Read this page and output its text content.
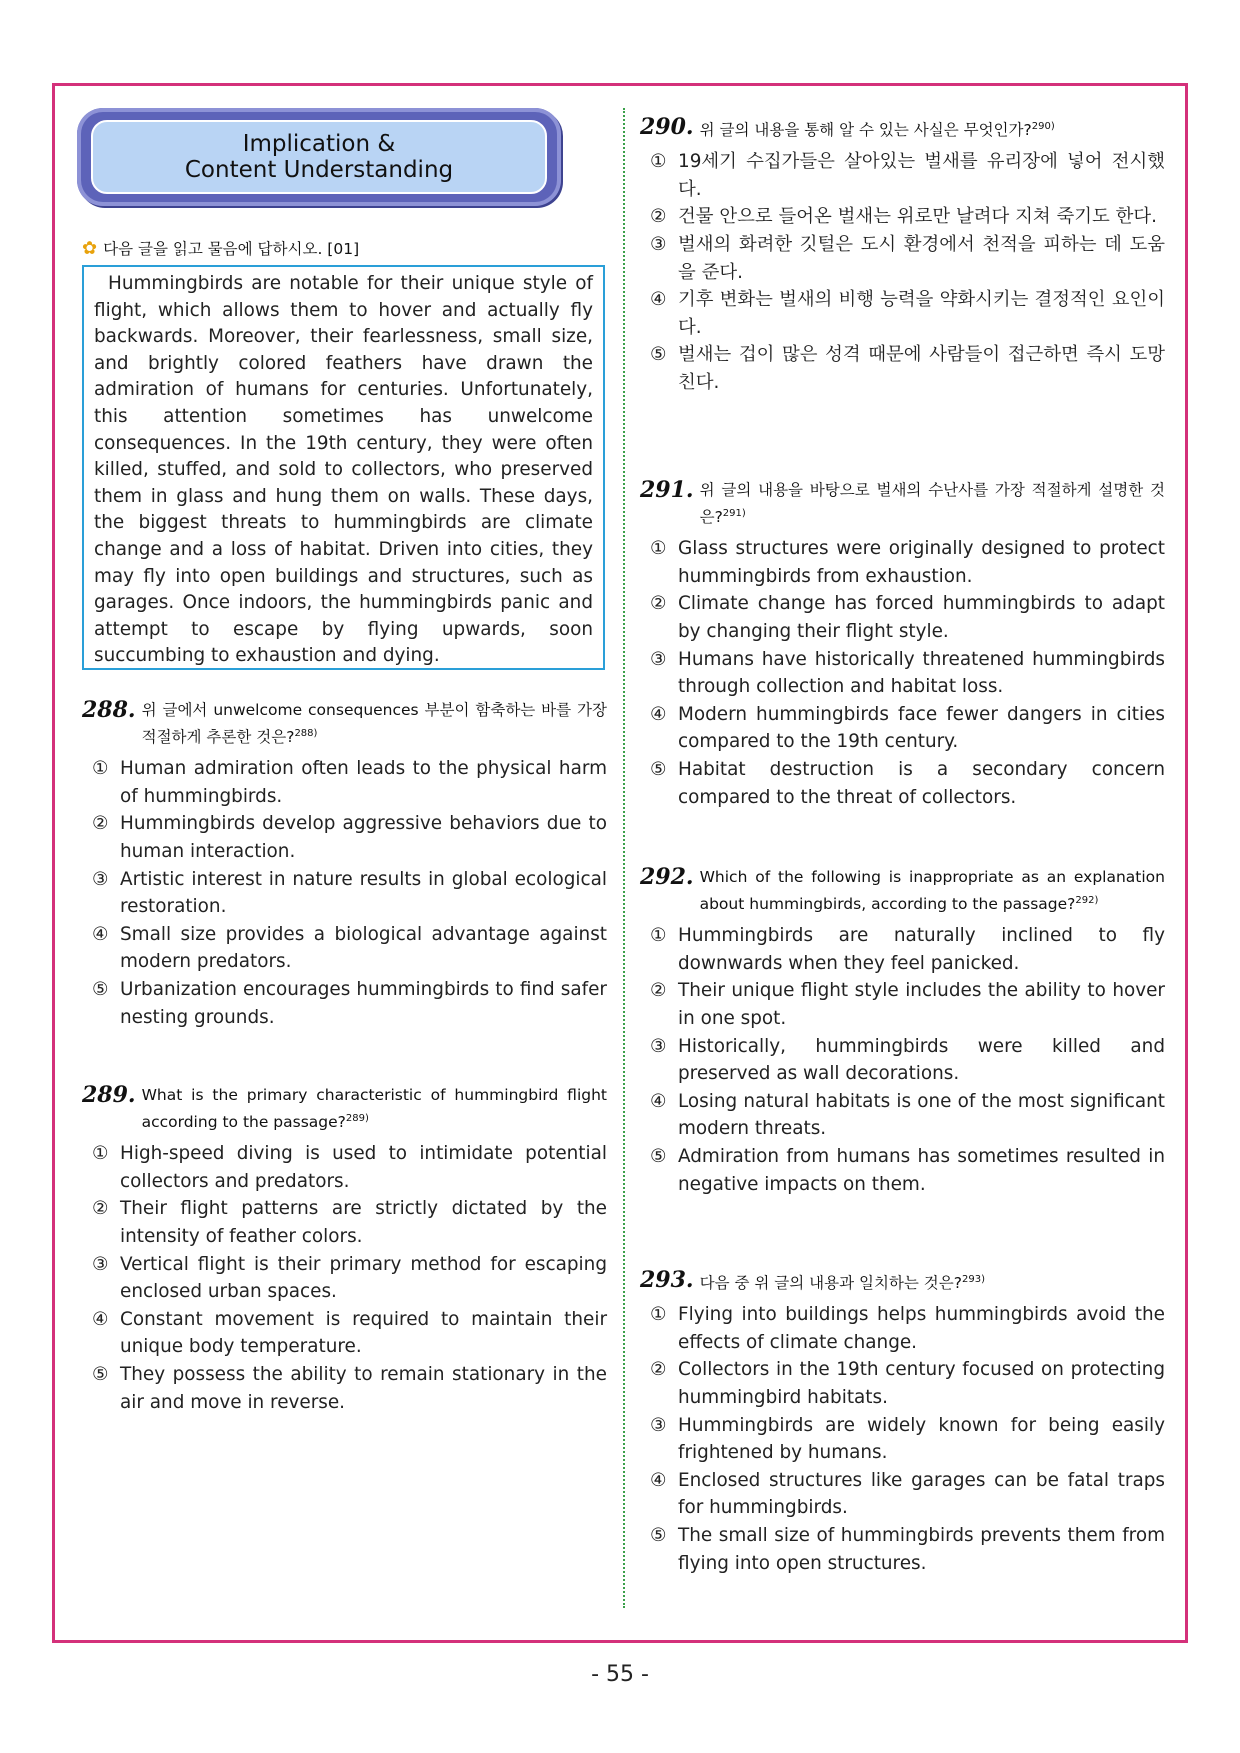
Implication &
Content Understanding
✿ 다음 글을 읽고 물음에 답하시오. [01]

Hummingbirds are notable for their unique style of flight, which allows them to hover and actually fly backwards. Moreover, their fearlessness, small size, and brightly colored feathers have drawn the admiration of humans for centuries. Unfortunately, this attention sometimes has unwelcome consequences. In the 19th century, they were often killed, stuffed, and sold to collectors, who preserved them in glass and hung them on walls. These days, the biggest threats to hummingbirds are climate change and a loss of habitat. Driven into cities, they may fly into open buildings and structures, such as garages. Once indoors, the hummingbirds panic and attempt to escape by flying upwards, soon succumbing to exhaustion and dying.

288. 위 글에서 unwelcome consequences 부분이 함축하는 바를 가장 적절하게 추론한 것은?$^{288)}$
① Human admiration often leads to the physical harm of hummingbirds.
② Hummingbirds develop aggressive behaviors due to human interaction.
③ Artistic interest in nature results in global ecological restoration.
④ Small size provides a biological advantage against modern predators.
⑤ Urbanization encourages hummingbirds to find safer nesting grounds.
289. What is the primary characteristic of hummingbird flight according to the passage?$^{289)}$
① High-speed diving is used to intimidate potential collectors and predators.
② Their flight patterns are strictly dictated by the intensity of feather colors.
③ Vertical flight is their primary method for escaping enclosed urban spaces.
④ Constant movement is required to maintain their unique body temperature.
⑤ They possess the ability to remain stationary in the air and move in reverse.
290. 위 글의 내용을 통해 알 수 있는 사실은 무엇인가?$^{290)}$
① 19세기 수집가들은 살아있는 벌새를 유리장에 넣어 전시했다.
② 건물 안으로 들어온 벌새는 위로만 날려다 지쳐 죽기도 한다.
③ 벌새의 화려한 깃털은 도시 환경에서 천적을 피하는 데 도움을 준다.
④ 기후 변화는 벌새의 비행 능력을 약화시키는 결정적인 요인이다.
⑤ 벌새는 겁이 많은 성격 때문에 사람들이 접근하면 즉시 도망친다.
291. 위 글의 내용을 바탕으로 벌새의 수난사를 가장 적절하게 설명한 것은?$^{291)}$
① Glass structures were originally designed to protect hummingbirds from exhaustion.
② Climate change has forced hummingbirds to adapt by changing their flight style.
③ Humans have historically threatened hummingbirds through collection and habitat loss.
④ Modern hummingbirds face fewer dangers in cities compared to the 19th century.
⑤ Habitat destruction is a secondary concern compared to the threat of collectors.
292. Which of the following is inappropriate as an explanation about hummingbirds, according to the passage?$^{292)}$
① Hummingbirds are naturally inclined to fly downwards when they feel panicked.
② Their unique flight style includes the ability to hover in one spot.
③ Historically, hummingbirds were killed and preserved as wall decorations.
④ Losing natural habitats is one of the most significant modern threats.
⑤ Admiration from humans has sometimes resulted in negative impacts on them.
293. 다음 중 위 글의 내용과 일치하는 것은?$^{293)}$
① Flying into buildings helps hummingbirds avoid the effects of climate change.
② Collectors in the 19th century focused on protecting hummingbird habitats.
③ Hummingbirds are widely known for being easily frightened by humans.
④ Enclosed structures like garages can be fatal traps for hummingbirds.
⑤ The small size of hummingbirds prevents them from flying into open structures.
- 55 -
